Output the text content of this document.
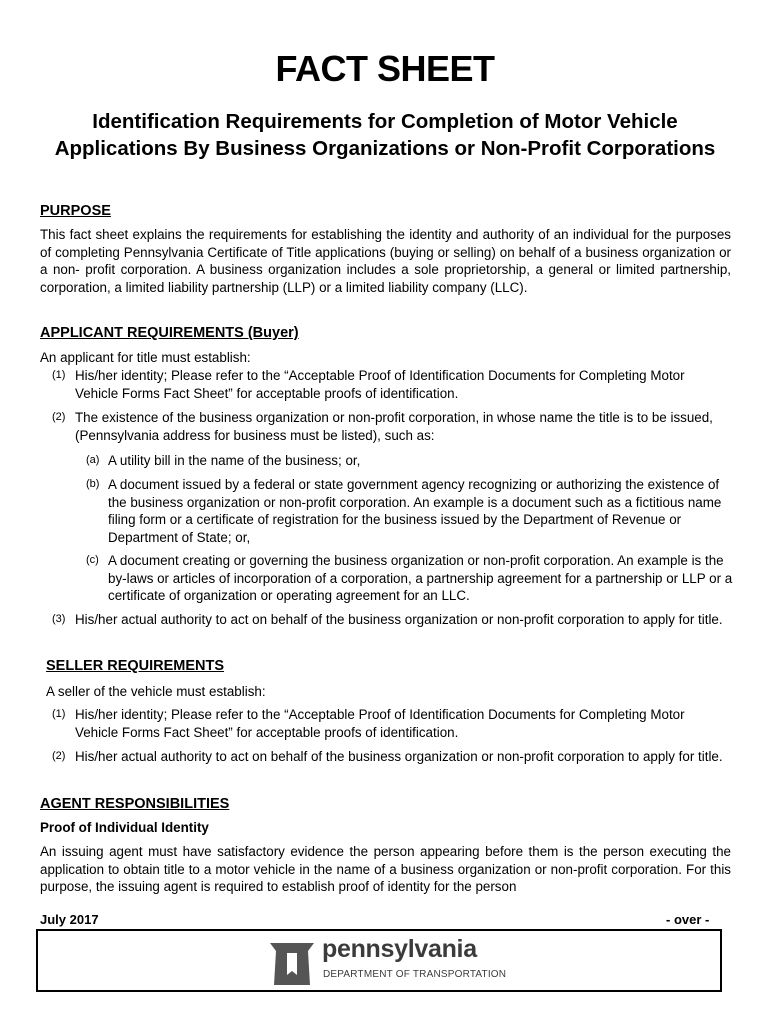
FACT SHEET
Identification Requirements for Completion of Motor Vehicle Applications By Business Organizations or Non-Profit Corporations
PURPOSE

This fact sheet explains the requirements for establishing the identity and authority of an individual for the purposes of completing Pennsylvania Certificate of Title applications (buying or selling) on behalf of a business organization or a non- profit corporation. A business organization includes a sole proprietorship, a general or limited partnership, corporation, a limited liability partnership (LLP) or a limited liability company (LLC).

APPLICANT REQUIREMENTS (Buyer)

An applicant for title must establish:

(1) His/her identity; Please refer to the “Acceptable Proof of Identification Documents for Completing Motor Vehicle Forms Fact Sheet” for acceptable proofs of identification.

(2) The existence of the business organization or non-profit corporation, in whose name the title is to be issued, (Pennsylvania address for business must be listed), such as:

(a) A utility bill in the name of the business; or,

(b) A document issued by a federal or state government agency recognizing or authorizing the existence of the business organization or non-profit corporation. An example is a document such as a fictitious name filing form or a certificate of registration for the business issued by the Department of Revenue or Department of State; or,

(c) A document creating or governing the business organization or non-profit corporation. An example is the by-laws or articles of incorporation of a corporation, a partnership agreement for a partnership or LLP or a certificate of organization or operating agreement for an LLC.

(3) His/her actual authority to act on behalf of the business organization or non-profit corporation to apply for title.

SELLER REQUIREMENTS

A seller of the vehicle must establish:

(1) His/her identity; Please refer to the “Acceptable Proof of Identification Documents for Completing Motor Vehicle Forms Fact Sheet” for acceptable proofs of identification.

(2) His/her actual authority to act on behalf of the business organization or non-profit corporation to apply for title.

AGENT RESPONSIBILITIES
Proof of Individual Identity

An issuing agent must have satisfactory evidence the person appearing before them is the person executing the application to obtain title to a motor vehicle in the name of a business organization or non-profit corporation. For this purpose, the issuing agent is required to establish proof of identity for the person

July 2017	- over -
pennsylvania
DEPARTMENT OF TRANSPORTATION
